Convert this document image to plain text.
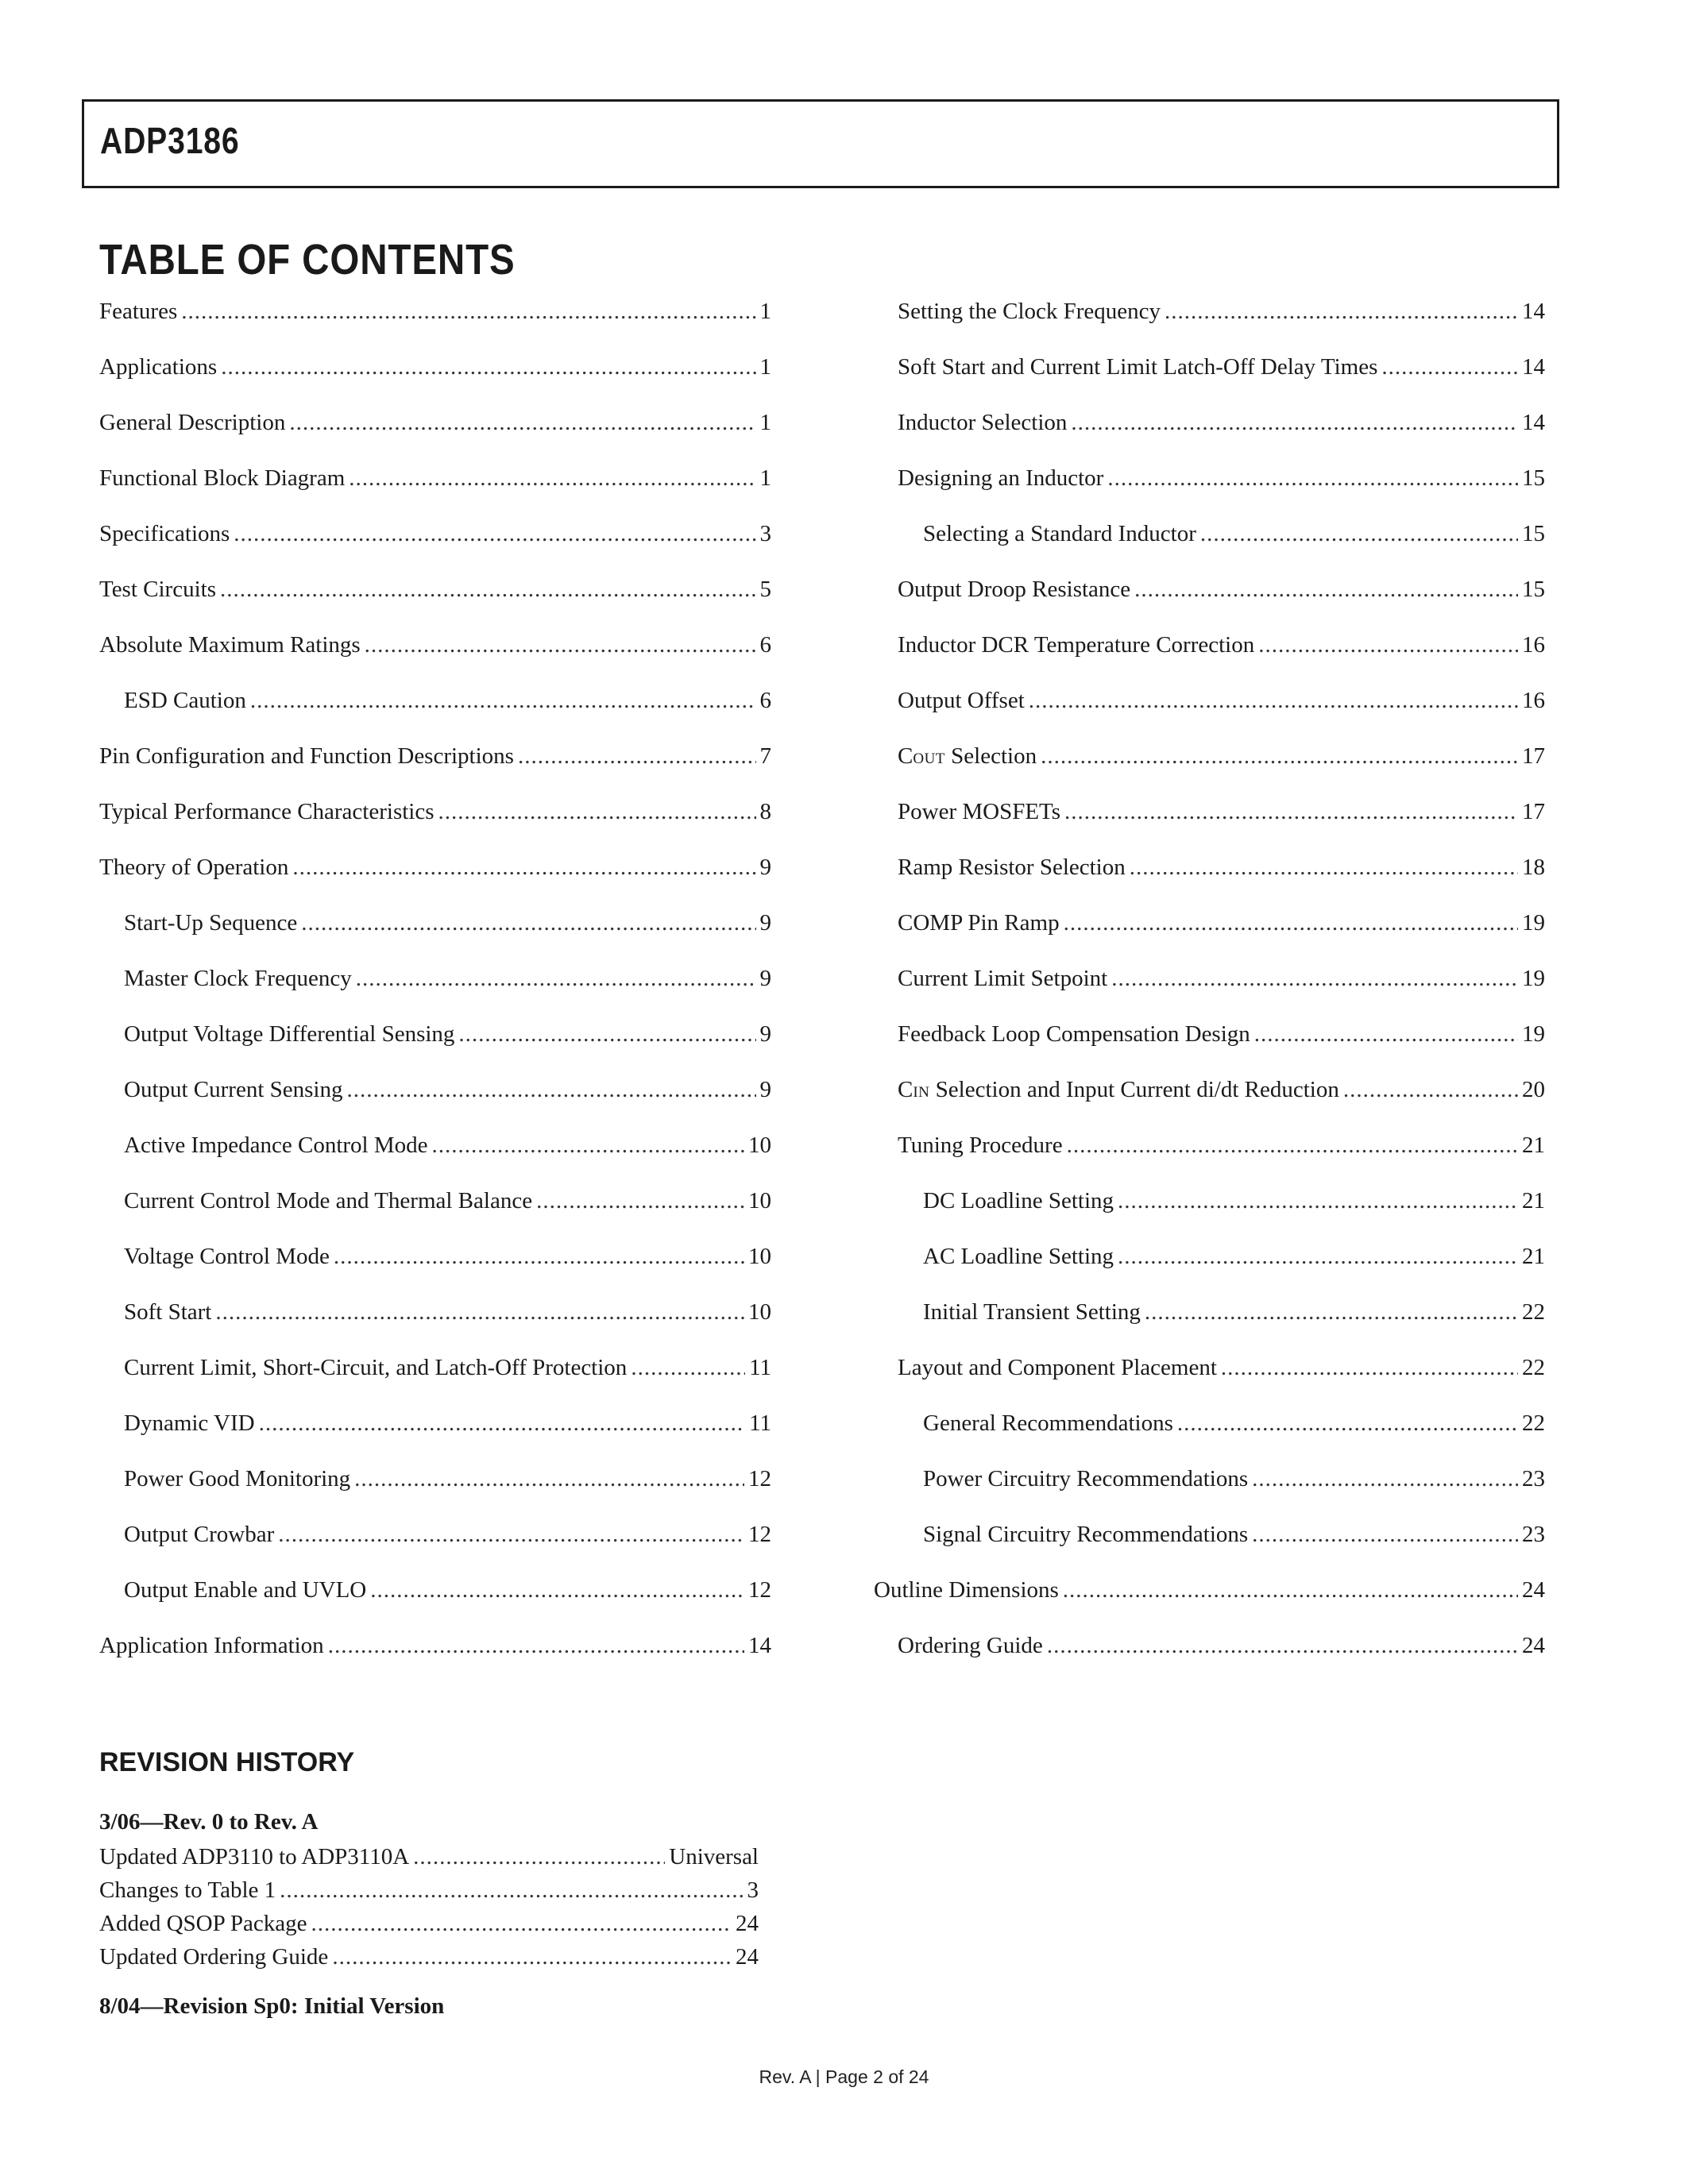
ADP3186
TABLE OF CONTENTS
Features .....	1
Applications .....	1
General Description .....	1
Functional Block Diagram .....	1
Specifications .....	3
Test Circuits .....	5
Absolute Maximum Ratings .....	6
ESD Caution .....	6
Pin Configuration and Function Descriptions .....	7
Typical Performance Characteristics .....	8
Theory of Operation .....	9
Start-Up Sequence .....	9
Master Clock Frequency .....	9
Output Voltage Differential Sensing .....	9
Output Current Sensing .....	9
Active Impedance Control Mode .....	10
Current Control Mode and Thermal Balance .....	10
Voltage Control Mode .....	10
Soft Start .....	10
Current Limit, Short-Circuit, and Latch-Off Protection .....	11
Dynamic VID .....	11
Power Good Monitoring .....	12
Output Crowbar .....	12
Output Enable and UVLO .....	12
Application Information .....	14
Setting the Clock Frequency .....	14
Soft Start and Current Limit Latch-Off Delay Times .....	14
Inductor Selection .....	14
Designing an Inductor .....	15
Selecting a Standard Inductor .....	15
Output Droop Resistance .....	15
Inductor DCR Temperature Correction .....	16
Output Offset .....	16
COUT Selection .....	17
Power MOSFETs .....	17
Ramp Resistor Selection .....	18
COMP Pin Ramp .....	19
Current Limit Setpoint .....	19
Feedback Loop Compensation Design .....	19
CIN Selection and Input Current di/dt Reduction .....	20
Tuning Procedure .....	21
DC Loadline Setting .....	21
AC Loadline Setting .....	21
Initial Transient Setting .....	22
Layout and Component Placement .....	22
General Recommendations .....	22
Power Circuitry Recommendations .....	23
Signal Circuitry Recommendations .....	23
Outline Dimensions .....	24
Ordering Guide .....	24
REVISION HISTORY

3/06—Rev. 0 to Rev. A

Updated ADP3110 to ADP3110A .....	Universal
Changes to Table 1 .....	3
Added QSOP Package .....	24
Updated Ordering Guide .....	24

8/04—Revision Sp0: Initial Version

Rev. A | Page 2 of 24
